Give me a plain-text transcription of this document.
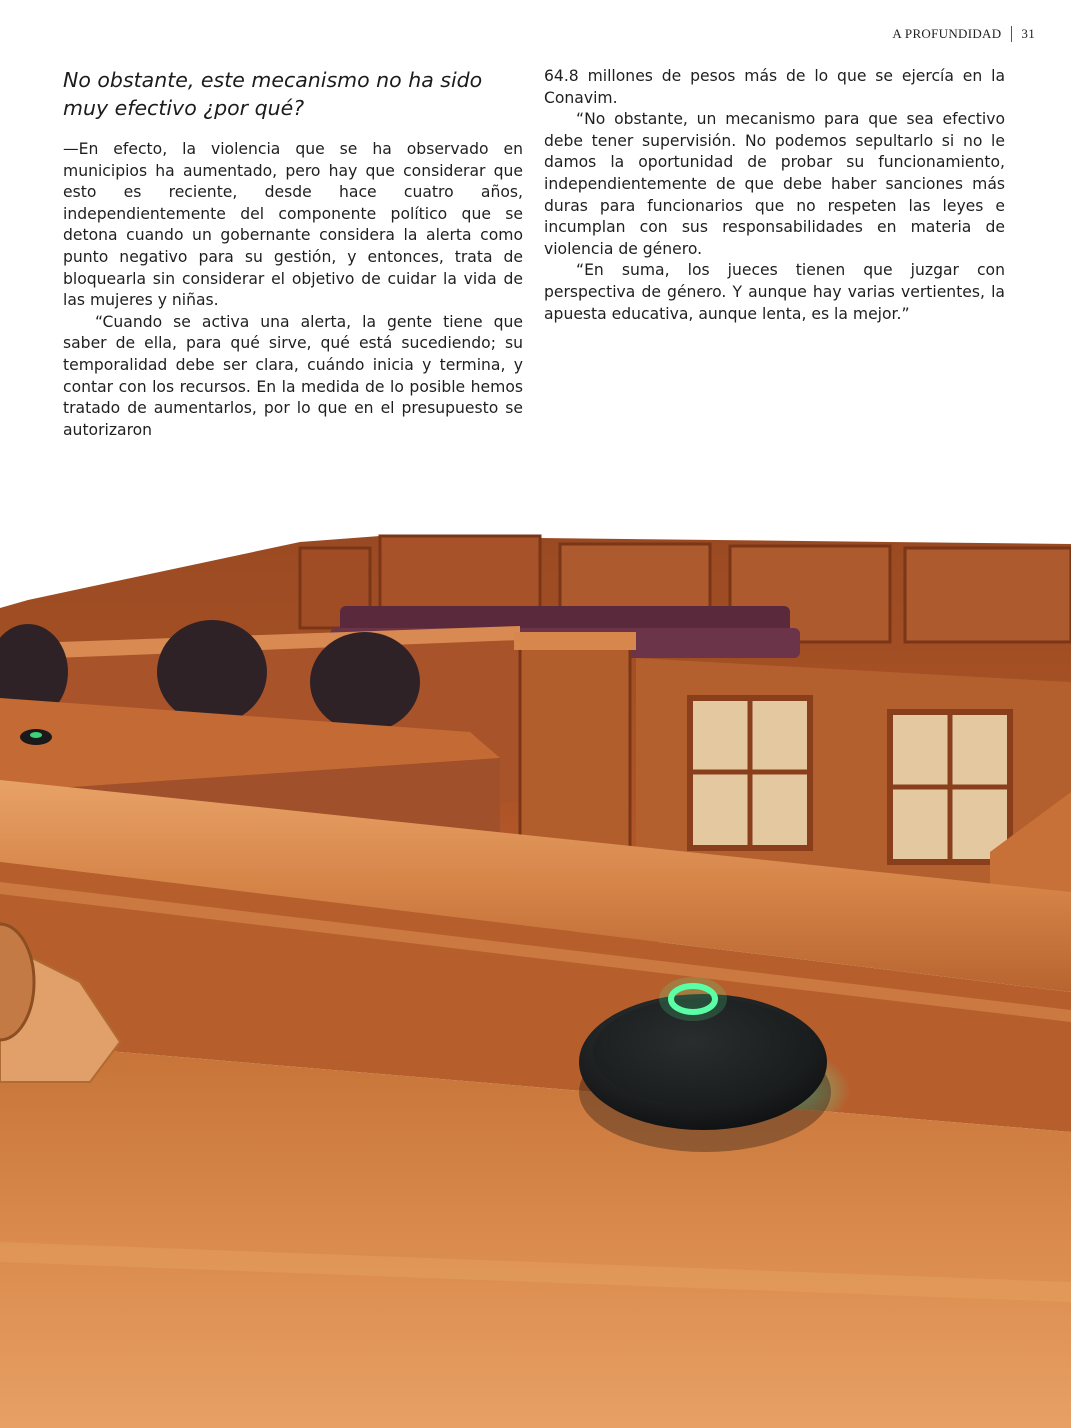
A PROFUNDIDAD 31
No obstante, este mecanismo no ha sido muy efectivo ¿por qué?

—En efecto, la violencia que se ha observado en municipios ha aumentado, pero hay que considerar que esto es reciente, desde hace cuatro años, independientemente del componente político que se detona cuando un gobernante considera la alerta como punto negativo para su gestión, y entonces, trata de bloquearla sin considerar el objetivo de cuidar la vida de las mujeres y niñas.

“Cuando se activa una alerta, la gente tiene que saber de ella, para qué sirve, qué está sucediendo; su temporalidad debe ser clara, cuándo inicia y termina, y contar con los recursos. En la medida de lo posible hemos tratado de aumentarlos, por lo que en el presupuesto se autorizaron

64.8 millones de pesos más de lo que se ejercía en la Conavim.

“No obstante, un mecanismo para que sea efectivo debe tener supervisión. No podemos sepultarlo si no le damos la oportunidad de probar su funcionamiento, independientemente de que debe haber sanciones más duras para funcionarios que no respeten las leyes e incumplan con sus responsabilidades en materia de violencia de género.

“En suma, los jueces tienen que juzgar con perspectiva de género. Y aunque hay varias vertientes, la apuesta educativa, aunque lenta, es la mejor.”
